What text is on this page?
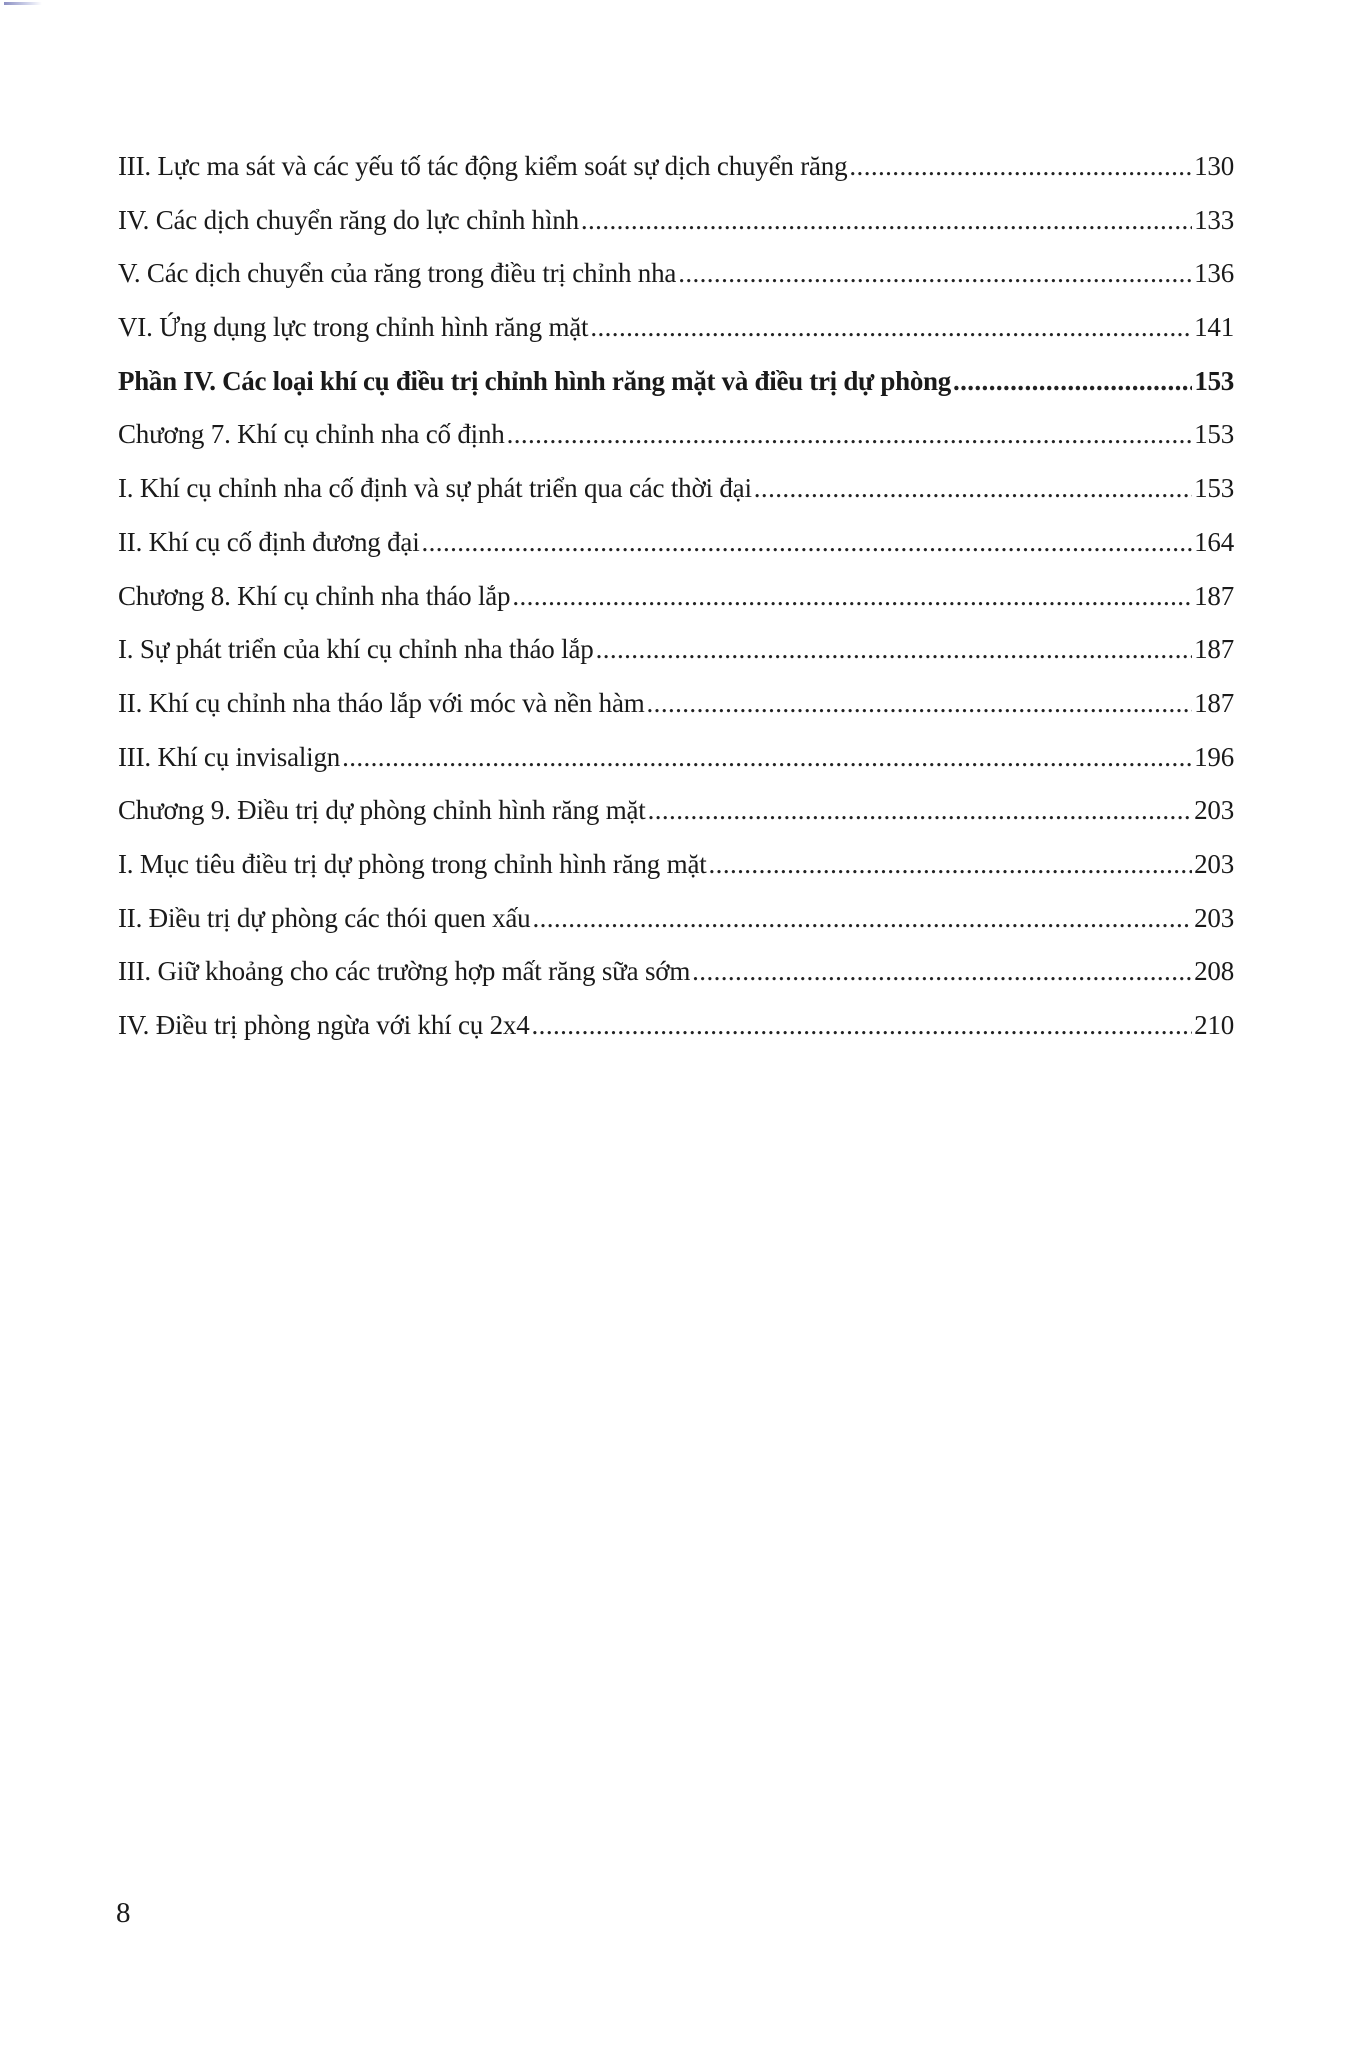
III. Lực ma sát và các yếu tố tác động kiểm soát sự dịch chuyển răng .....	130
IV. Các dịch chuyển răng do lực chỉnh hình .....	133
V. Các dịch chuyển của răng trong điều trị chỉnh nha .....	136
VI. Ứng dụng lực trong chỉnh hình răng mặt .....	141
Phần IV. Các loại khí cụ điều trị chỉnh hình răng mặt và điều trị dự phòng .....	153
Chương 7. Khí cụ chỉnh nha cố định .....	153
I. Khí cụ chỉnh nha cố định và sự phát triển qua các thời đại .....	153
II. Khí cụ cố định đương đại .....	164
Chương 8. Khí cụ chỉnh nha tháo lắp .....	187
I. Sự phát triển của khí cụ chỉnh nha tháo lắp .....	187
II. Khí cụ chỉnh nha tháo lắp với móc và nền hàm .....	187
III. Khí cụ invisalign .....	196
Chương 9. Điều trị dự phòng chỉnh hình răng mặt .....	203
I. Mục tiêu điều trị dự phòng trong chỉnh hình răng mặt .....	203
II. Điều trị dự phòng các thói quen xấu .....	203
III. Giữ khoảng cho các trường hợp mất răng sữa sớm .....	208
IV. Điều trị phòng ngừa với khí cụ 2x4 .....	210
8
